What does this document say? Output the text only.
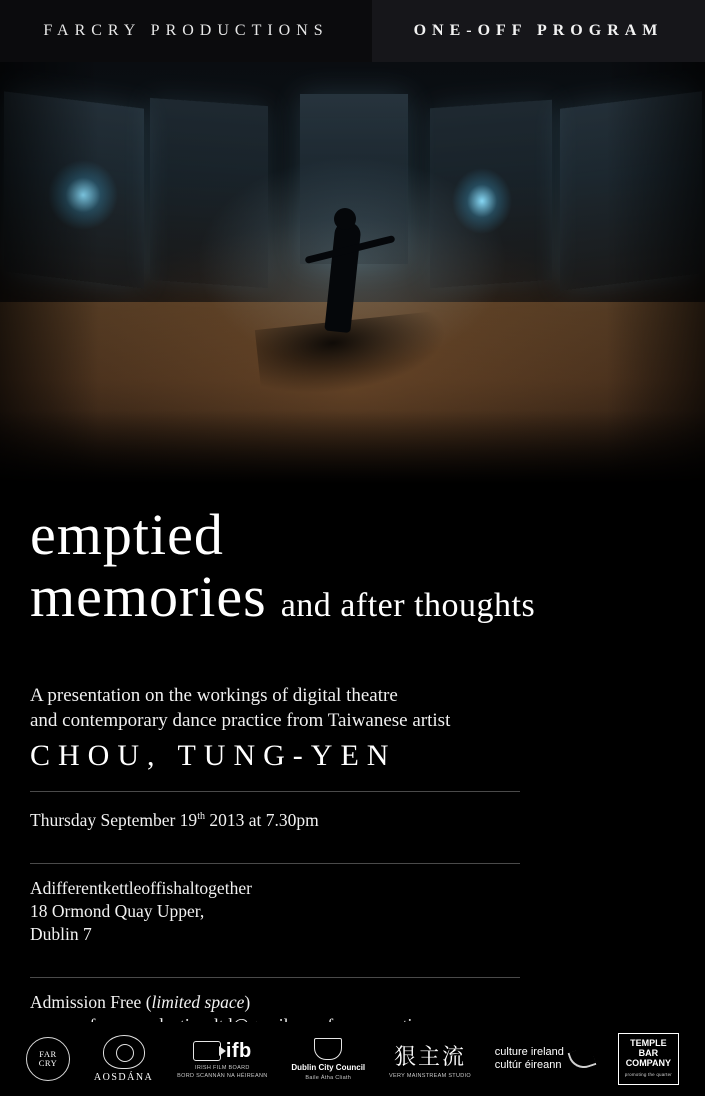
FARCRY PRODUCTIONS	ONE-OFF PROGRAM
emptied
memories and after thoughts
A presentation on the workings of digital theatre
and contemporary dance practice from Taiwanese artist
CHOU, TUNG-YEN
Thursday September 19th 2013 at 7.30pm
Adifferentkettleoffishaltogether
18 Ormond Quay Upper,
Dublin 7
Admission Free (limited space)
FAR
CRY
AOSDÁNA
ifb
IRISH FILM BOARD
BORD SCANNÁN NA HÉIREANN
Dublin City Council
Baile Átha Cliath
狠主流
VERY MAINSTREAM STUDIO
culture ireland
cultúr éireann
TEMPLE
BAR
COMPANY
promoting the quarter
